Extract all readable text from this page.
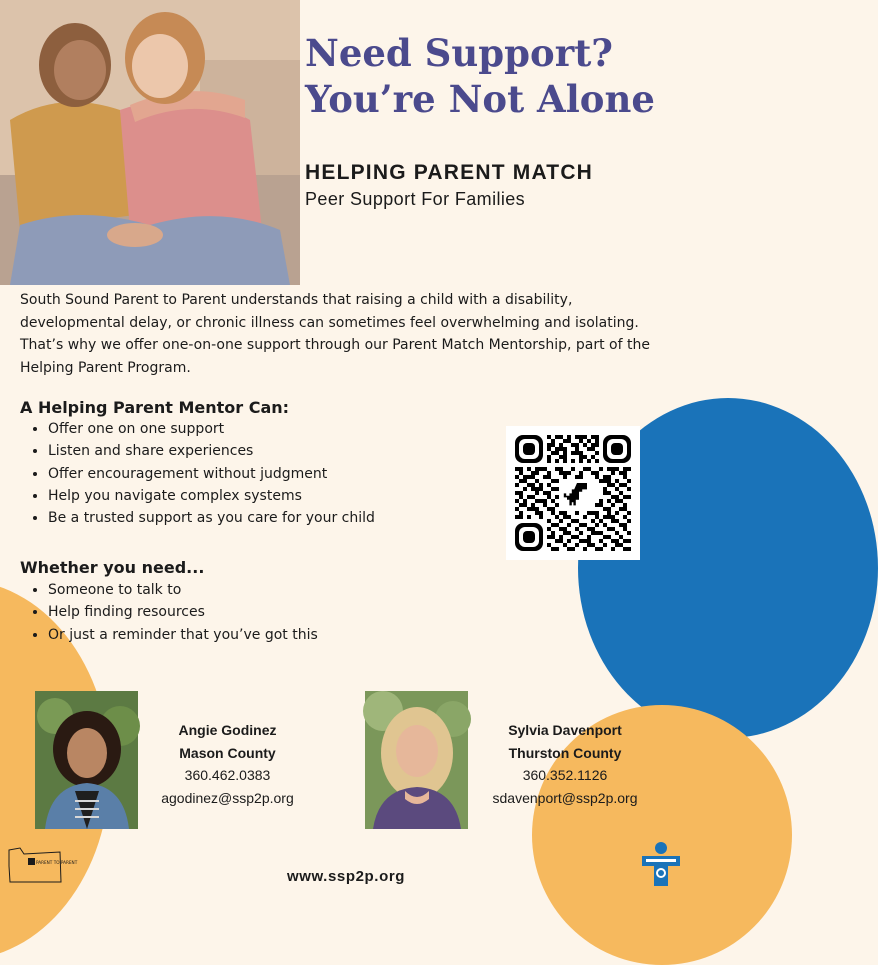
Need Support?
You’re Not Alone
HELPING PARENT MATCH
Peer Support For Families
South Sound Parent to Parent understands that raising a child with a disability, developmental delay, or chronic illness can sometimes feel overwhelming and isolating. That’s why we offer one-on-one support through our Parent Match Mentorship, part of the Helping Parent Program.
A Helping Parent Mentor Can:
• Offer one on one support
• Listen and share experiences
• Offer encouragement without judgment
• Help you navigate complex systems
• Be a trusted support as you care for your child
Whether you need...
• Someone to talk to
• Help finding resources
• Or just a reminder that you’ve got this
Angie Godinez
Mason County
360.462.0383
agodinez@ssp2p.org
Sylvia Davenport
Thurston County
360.352.1126
sdavenport@ssp2p.org
PARENT TO PARENT
www.ssp2p.org
